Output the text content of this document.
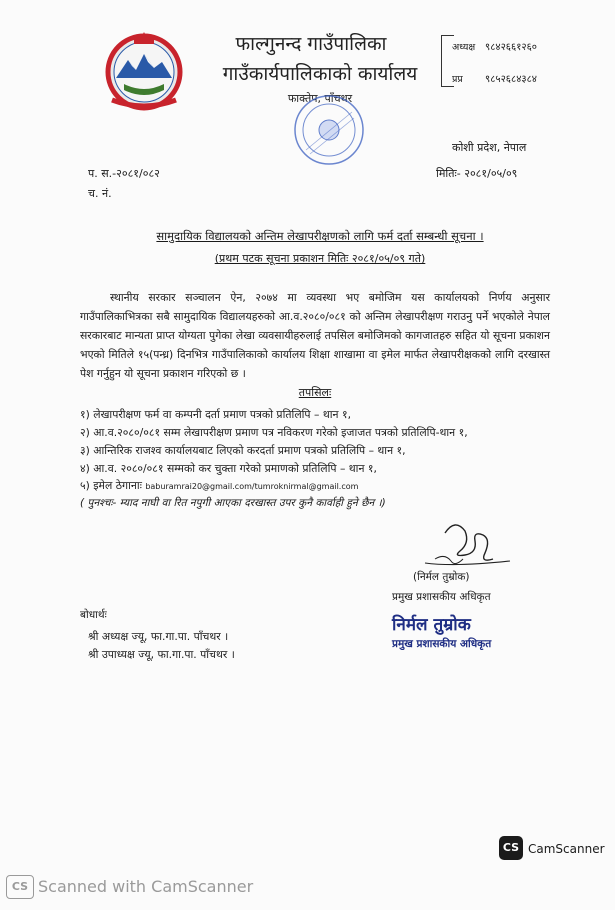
फाल्गुनन्द गाउँपालिका
गाउँकार्यपालिकाको कार्यालय
फाक्तेप, पाँचथर
अध्यक्ष
प्रप्र
९८४२६६१२६०
९८५२६८४३८४
कोशी प्रदेश, नेपाल
प. स.-२०८१/०८२
च. नं.
मितिः- २०८१/०५/०९
सामुदायिक विद्यालयको अन्तिम लेखापरीक्षणको लागि फर्म दर्ता सम्बन्धी सूचना ।
(प्रथम पटक सूचना प्रकाशन मितिः २०८१/०५/०९ गते)
स्थानीय सरकार सञ्चालन ऐन, २०७४ मा व्यवस्था भए बमोजिम यस कार्यालयको निर्णय अनुसार गाउँपालिकाभित्रका सबै सामुदायिक विद्यालयहरुको आ.व.२०८०/०८१ को अन्तिम लेखापरीक्षण गराउनु पर्ने भएकोले नेपाल सरकारबाट मान्यता प्राप्त योग्यता पुगेका लेखा व्यवसायीहरुलाई तपसिल बमोजिमको कागजातहरु सहित यो सूचना प्रकाशन भएको मितिले १५(पन्ध्र) दिनभित्र गाउँपालिकाको कार्यालय शिक्षा शाखामा वा इमेल मार्फत लेखापरीक्षकको लागि दरखास्त पेश गर्नुहुन यो सूचना प्रकाशन गरिएको छ ।
तपसिलः
१) लेखापरीक्षण फर्म वा कम्पनी दर्ता प्रमाण पत्रको प्रतिलिपि – थान १,
२) आ.व.२०८०/०८१ सम्म लेखापरीक्षण प्रमाण पत्र नविकरण गरेको इजाजत पत्रको प्रतिलिपि-थान १,
३) आन्तिरिक राजश्व कार्यालयबाट लिएको करदर्ता प्रमाण पत्रको प्रतिलिपि – थान १,
४) आ.व. २०८०/०८१ सम्मको कर चुक्ता गरेको प्रमाणको प्रतिलिपि – थान १,
५) इमेल ठेगानाः baburamrai20@gmail.com/tumroknirmal@gmail.com
( पुनश्चः- म्याद नाघी वा रित नपुगी आएका दरखास्त उपर कुनै कार्वाही हुने छैन ।)
(निर्मल तुम्रोक)
प्रमुख प्रशासकीय अधिकृत
बोधार्थः
श्री अध्यक्ष ज्यू, फा.गा.पा. पाँचथर ।
श्री उपाध्यक्ष ज्यू, फा.गा.पा. पाँचथर ।
निर्मल तुम्रोक
प्रमुख प्रशासकीय अधिकृत
CS CamScanner
CS Scanned with CamScanner
